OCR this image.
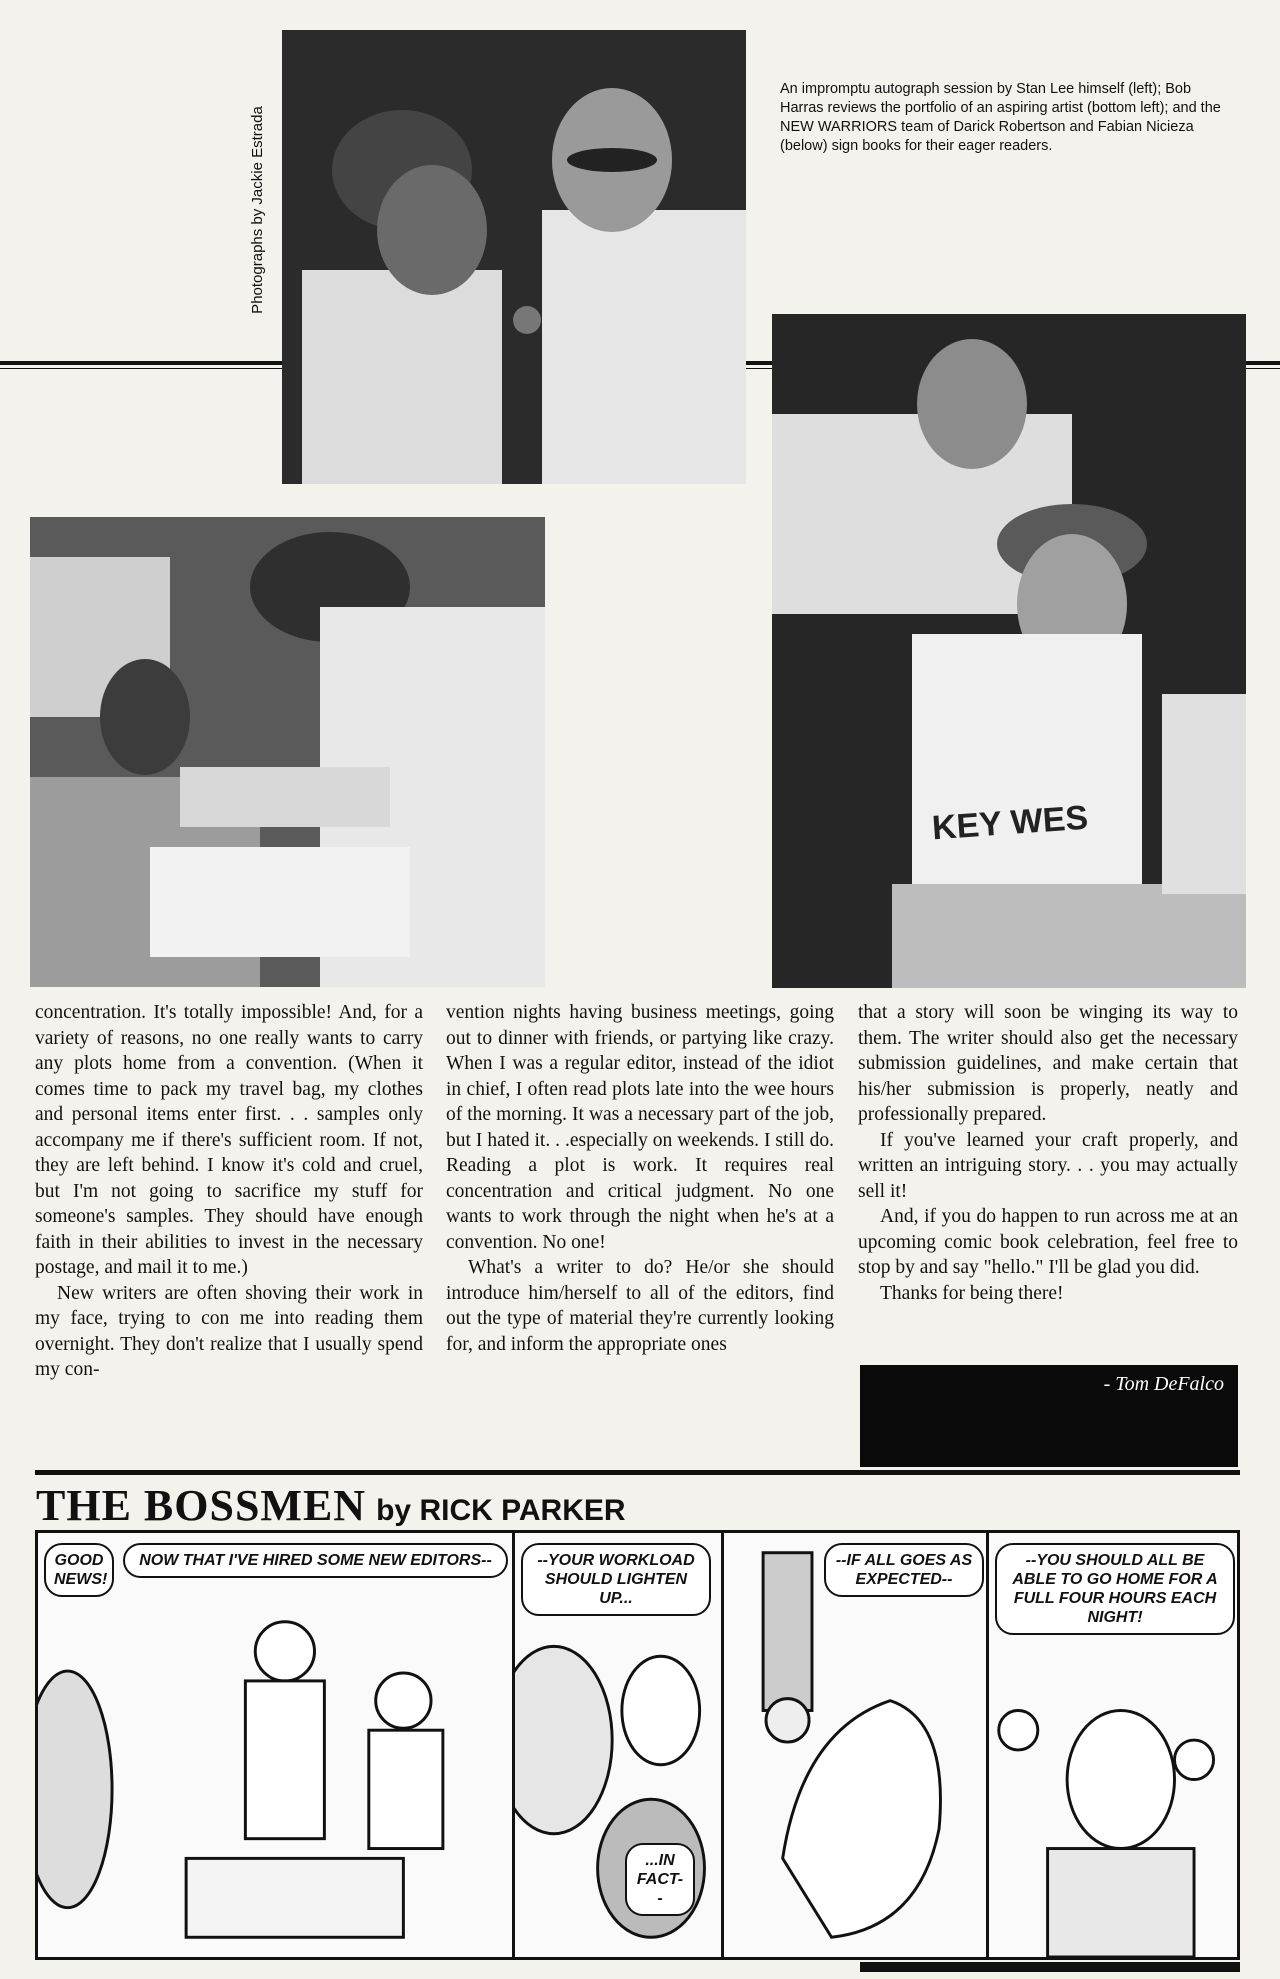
Photographs by Jackie Estrada
An impromptu autograph session by Stan Lee himself (left); Bob Harras reviews the portfolio of an aspiring artist (bottom left); and the NEW WARRIORS team of Darick Robertson and Fabian Nicieza (below) sign books for their eager readers.
KEY WES

concentration. It's totally impossible! And, for a variety of reasons, no one really wants to carry any plots home from a convention. (When it comes time to pack my travel bag, my clothes and personal items enter first. . . samples only accompany me if there's sufficient room. If not, they are left behind. I know it's cold and cruel, but I'm not going to sacrifice my stuff for someone's samples. They should have enough faith in their abilities to invest in the necessary postage, and mail it to me.)

New writers are often shoving their work in my face, trying to con me into reading them overnight. They don't realize that I usually spend my con-

vention nights having business meetings, going out to dinner with friends, or partying like crazy. When I was a regular editor, instead of the idiot in chief, I often read plots late into the wee hours of the morning. It was a necessary part of the job, but I hated it. . .especially on weekends. I still do. Reading a plot is work. It requires real concentration and critical judgment. No one wants to work through the night when he's at a convention. No one!

What's a writer to do? He/or she should introduce him/herself to all of the editors, find out the type of material they're currently looking for, and inform the appropriate ones

that a story will soon be winging its way to them. The writer should also get the necessary submission guidelines, and make certain that his/her submission is properly, neatly and professionally prepared.

If you've learned your craft properly, and written an intriguing story. . . you may actually sell it!

And, if you do happen to run across me at an upcoming comic book celebration, feel free to stop by and say "hello." I'll be glad you did.

Thanks for being there!

- Tom DeFalco
THE BOSSMEN by RICK PARKER
GOOD NEWS!
NOW THAT I'VE HIRED SOME NEW EDITORS--	--YOUR WORKLOAD SHOULD LIGHTEN UP...
...IN FACT--
--IF ALL GOES AS EXPECTED--
--YOU SHOULD ALL BE ABLE TO GO HOME FOR A FULL FOUR HOURS EACH NIGHT!
